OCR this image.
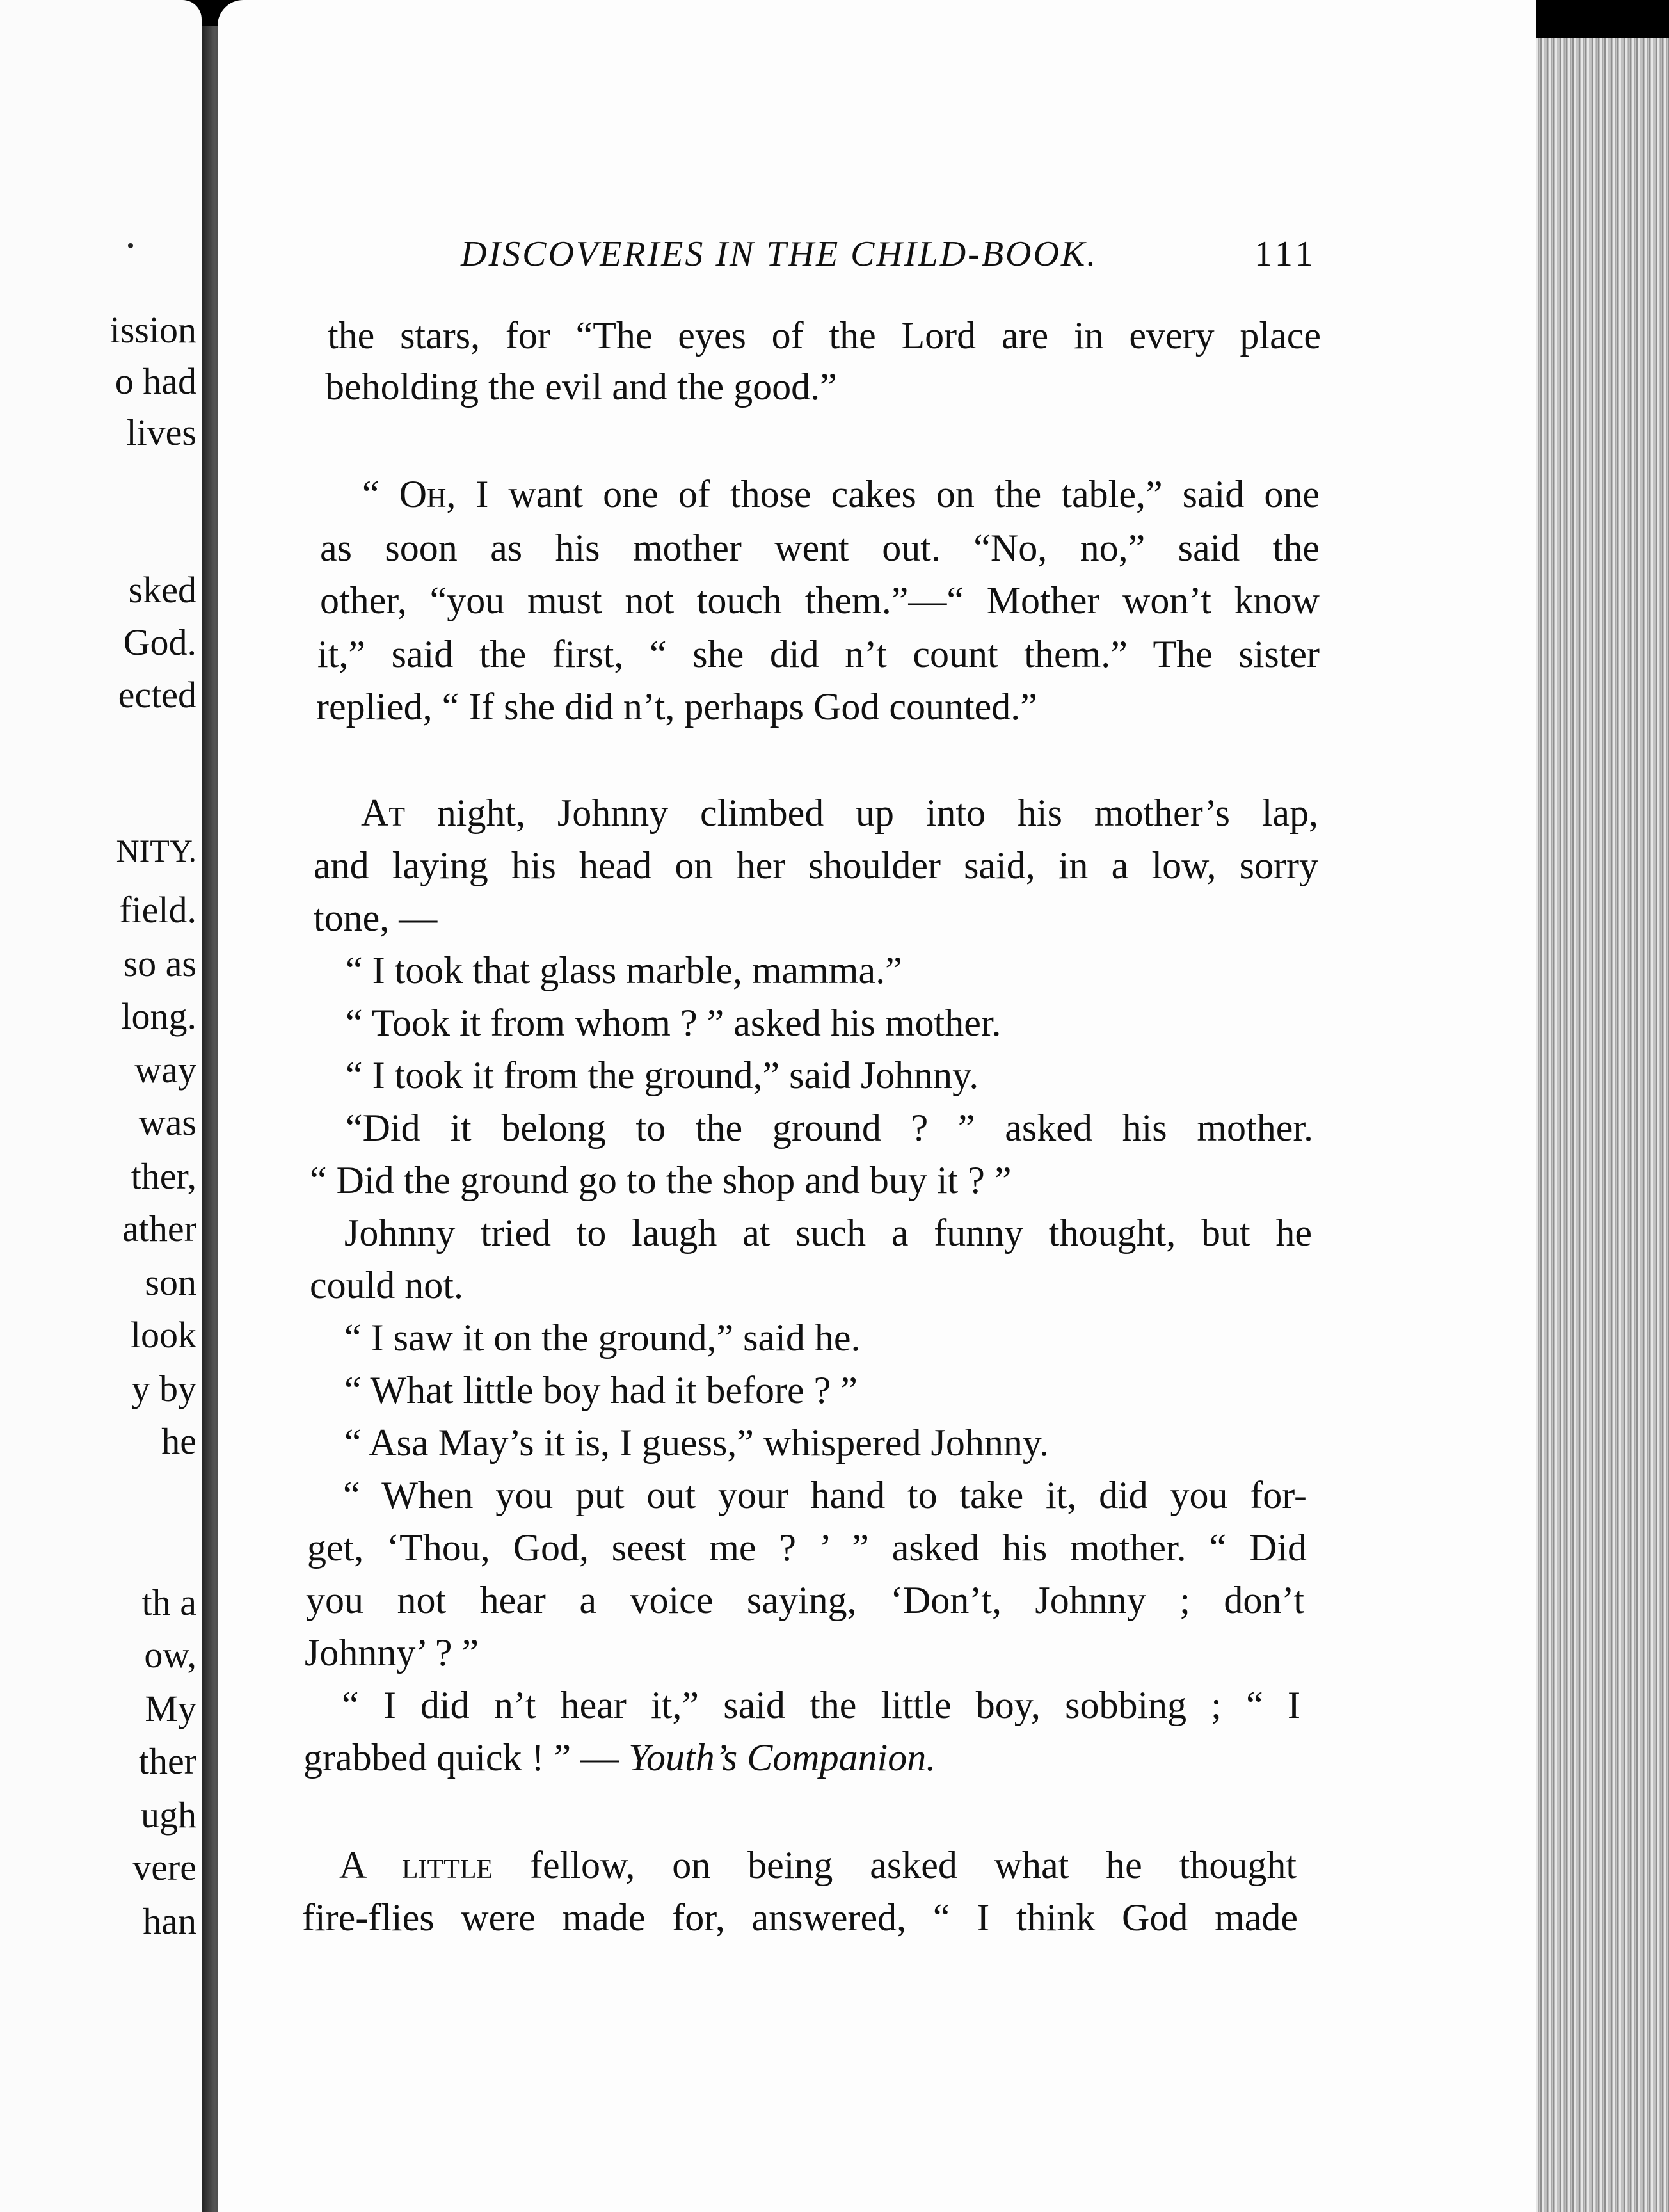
ission
o had
lives
sked
God.
ected
NITY.
field.
so as
long.
way
was
ther,
ather
son
look
y by
he
th a
ow,
My
ther
ugh
vere
han
DISCOVERIES IN THE CHILD-BOOK.	111
the stars, for “The eyes of the Lord are in every place
beholding the evil and the good.”
“ Oh, I want one of those cakes on the table,” said one
as soon as his mother went out. “No, no,” said the
other, “you must not touch them.”—“ Mother won’t know
it,” said the first, “ she did n’t count them.” The sister
replied, “ If she did n’t, perhaps God counted.”
At night, Johnny climbed up into his mother’s lap,
and laying his head on her shoulder said, in a low, sorry
tone, —
“ I took that glass marble, mamma.”
“ Took it from whom ? ” asked his mother.
“ I took it from the ground,” said Johnny.
“Did it belong to the ground ? ” asked his mother.
“ Did the ground go to the shop and buy it ? ”
Johnny tried to laugh at such a funny thought, but he
could not.
“ I saw it on the ground,” said he.
“ What little boy had it before ? ”
“ Asa May’s it is, I guess,” whispered Johnny.
“ When you put out your hand to take it, did you for-
get, ‘Thou, God, seest me ? ’ ” asked his mother. “ Did
you not hear a voice saying, ‘Don’t, Johnny ; don’t
Johnny’ ? ”
“ I did n’t hear it,” said the little boy, sobbing ; “ I
grabbed quick ! ” — Youth’s Companion.
A little fellow, on being asked what he thought
fire-flies were made for, answered, “ I think God made
